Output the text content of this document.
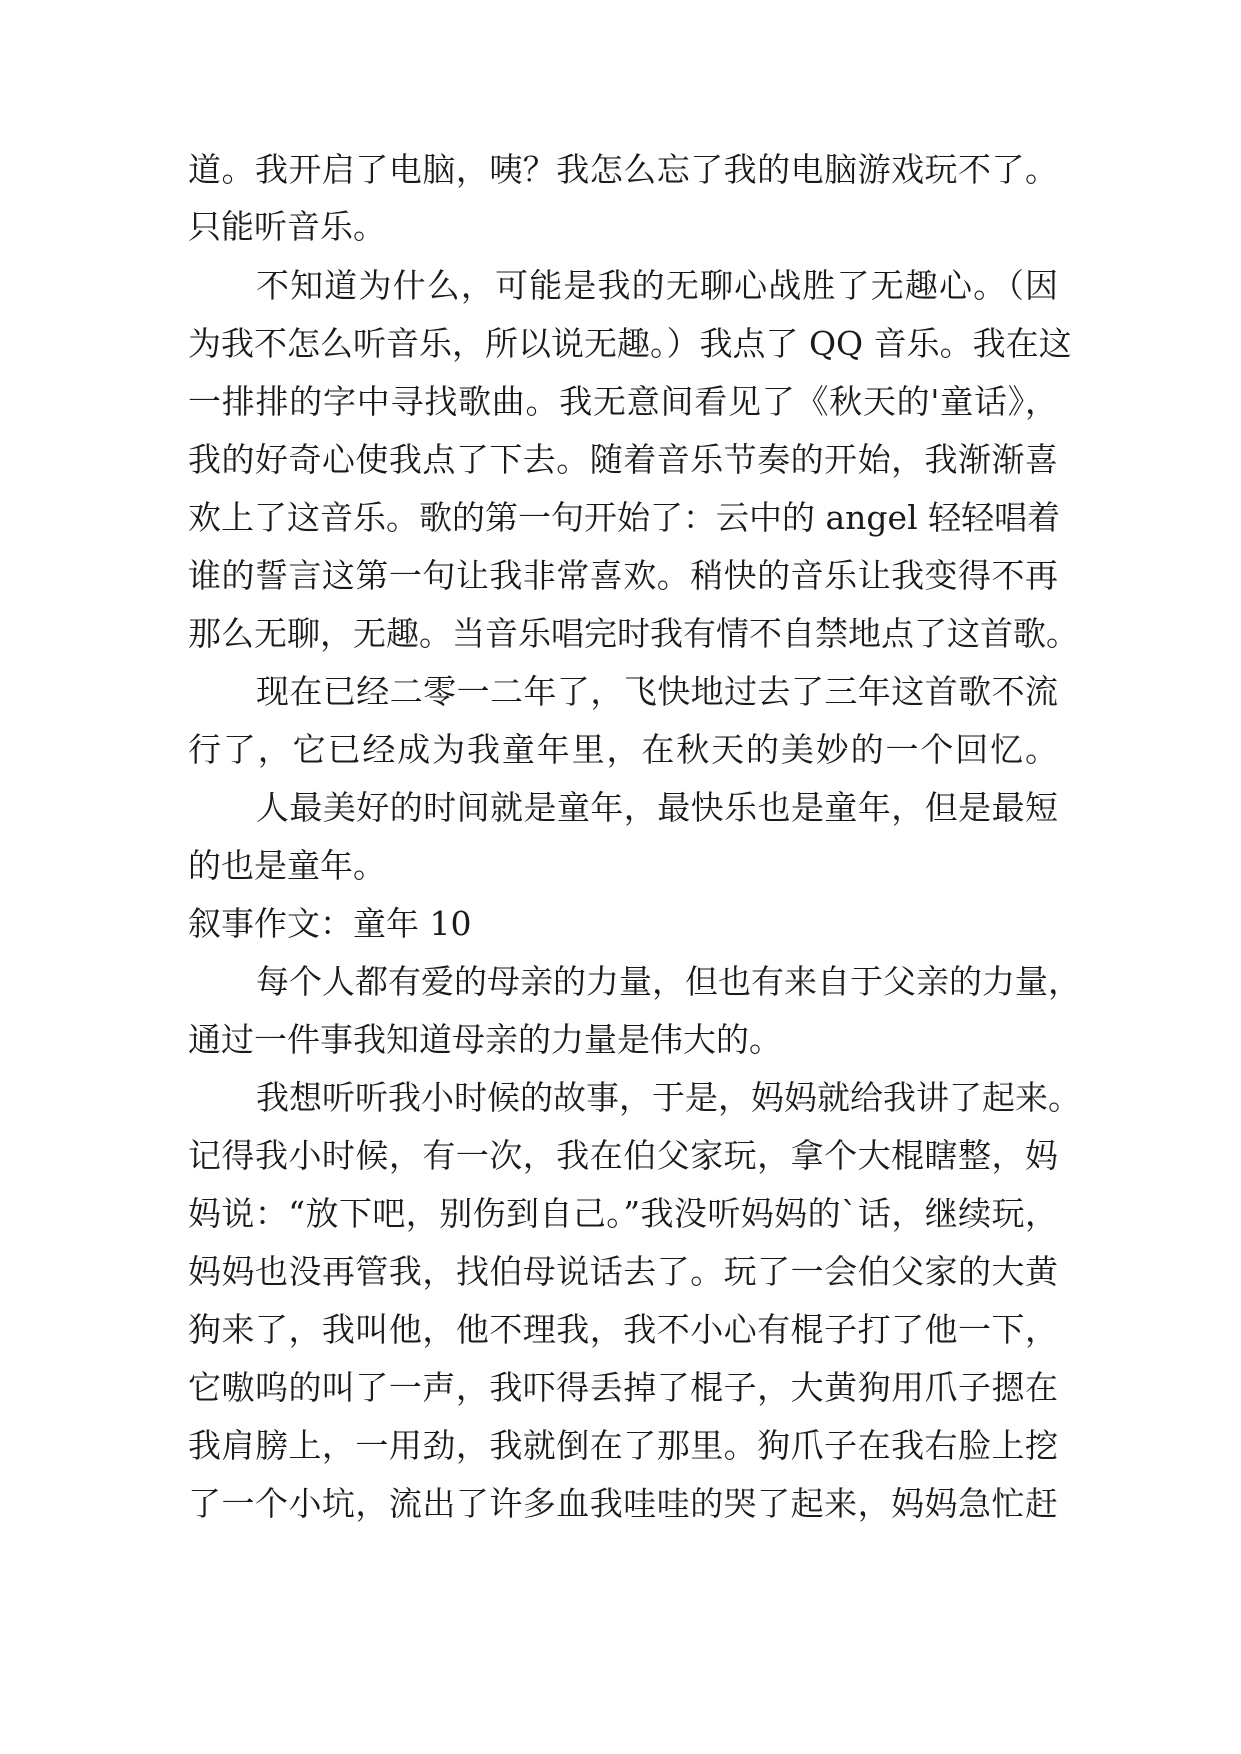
道。我开启了电脑，咦？我怎么忘了我的电脑游戏玩不了。
只能听音乐。
不知道为什么，可能是我的无聊心战胜了无趣心。（因
为我不怎么听音乐，所以说无趣。）我点了 QQ 音乐。我在这
一排排的字中寻找歌曲。我无意间看见了《秋天的'童话》，
我的好奇心使我点了下去。随着音乐节奏的开始，我渐渐喜
欢上了这音乐。歌的第一句开始了：云中的 angel 轻轻唱着
谁的誓言这第一句让我非常喜欢。稍快的音乐让我变得不再
那么无聊，无趣。当音乐唱完时我有情不自禁地点了这首歌。
现在已经二零一二年了，飞快地过去了三年这首歌不流
行了，它已经成为我童年里，在秋天的美妙的一个回忆。
人最美好的时间就是童年，最快乐也是童年，但是最短
的也是童年。
叙事作文：童年 10
每个人都有爱的母亲的力量，但也有来自于父亲的力量，
通过一件事我知道母亲的力量是伟大的。
我想听听我小时候的故事，于是，妈妈就给我讲了起来。
记得我小时候，有一次，我在伯父家玩，拿个大棍瞎整，妈
妈说：“放下吧，别伤到自己。”我没听妈妈的`话，继续玩，
妈妈也没再管我，找伯母说话去了。玩了一会伯父家的大黄
狗来了，我叫他，他不理我，我不小心有棍子打了他一下，
它嗷呜的叫了一声，我吓得丢掉了棍子，大黄狗用爪子摁在
我肩膀上，一用劲，我就倒在了那里。狗爪子在我右脸上挖
了一个小坑，流出了许多血我哇哇的哭了起来，妈妈急忙赶
